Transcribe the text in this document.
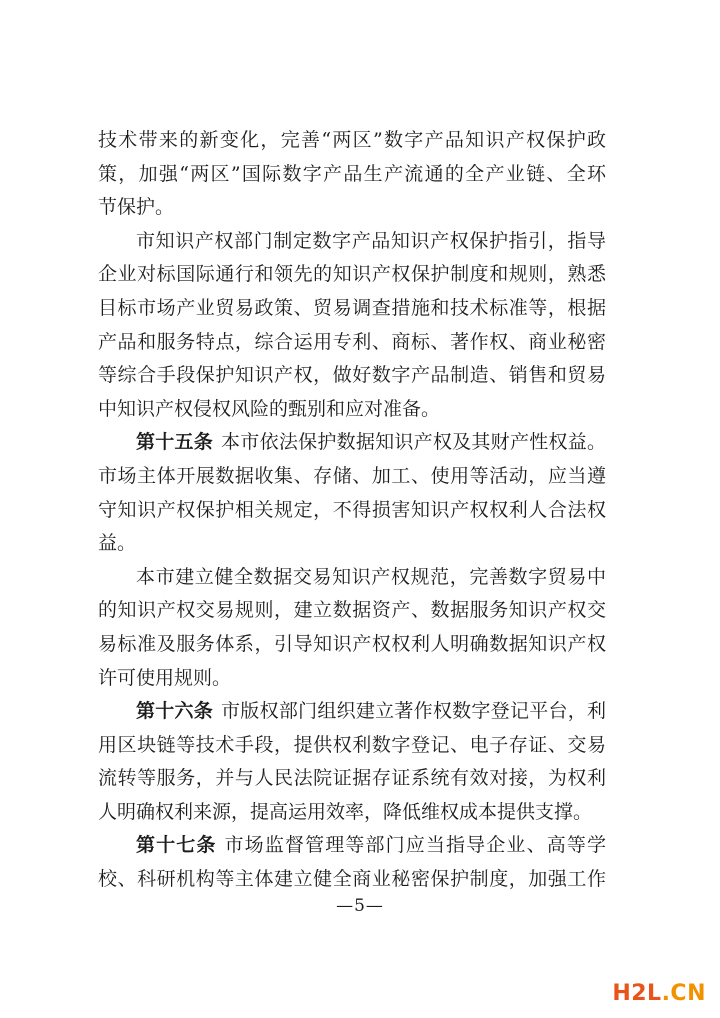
技术带来的新变化，完善“两区”数字产品知识产权保护政
策，加强“两区”国际数字产品生产流通的全产业链、全环
节保护。
市知识产权部门制定数字产品知识产权保护指引，指导
企业对标国际通行和领先的知识产权保护制度和规则，熟悉
目标市场产业贸易政策、贸易调查措施和技术标准等，根据
产品和服务特点，综合运用专利、商标、著作权、商业秘密
等综合手段保护知识产权，做好数字产品制造、销售和贸易
中知识产权侵权风险的甄别和应对准备。
第十五条 本市依法保护数据知识产权及其财产性权益。
市场主体开展数据收集、存储、加工、使用等活动，应当遵
守知识产权保护相关规定，不得损害知识产权权利人合法权
益。
本市建立健全数据交易知识产权规范，完善数字贸易中
的知识产权交易规则，建立数据资产、数据服务知识产权交
易标准及服务体系，引导知识产权权利人明确数据知识产权
许可使用规则。
第十六条 市版权部门组织建立著作权数字登记平台，利
用区块链等技术手段，提供权利数字登记、电子存证、交易
流转等服务，并与人民法院证据存证系统有效对接，为权利
人明确权利来源，提高运用效率，降低维权成本提供支撑。
第十七条 市场监督管理等部门应当指导企业、高等学
校、科研机构等主体建立健全商业秘密保护制度，加强工作
—5—
H2L.CN
